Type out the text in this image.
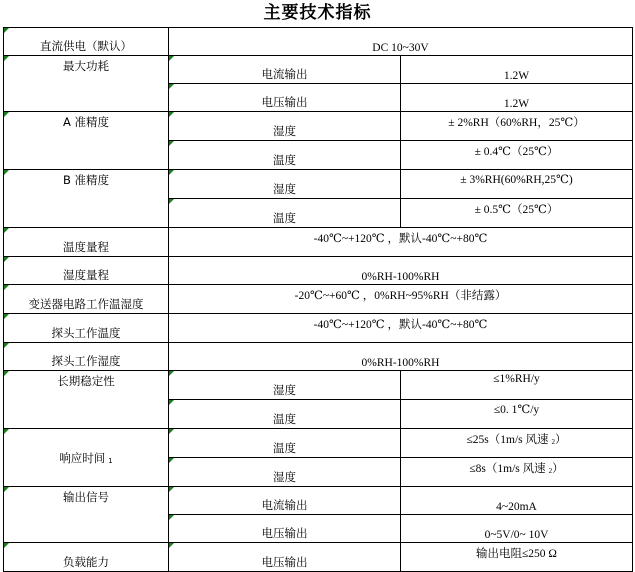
主要技术指标
直流供电（默认）	DC 10~30V	

最大功耗	电流输出	1.2W

电压输出	1.2W

A 准精度	湿度	± 2%RH（60%RH，25℃）

温度	± 0.4℃（25℃）

B 准精度	湿度	± 3%RH(60%RH,25℃)

温度	± 0.5℃（25℃）

温度量程	-40℃~+120℃ ，默认-40℃~+80℃	

湿度量程	0%RH-100%RH	

变送器电路工作温湿度	-20℃~+60℃ ，0%RH~95%RH（非结露）	

探头工作温度	-40℃~+120℃ ，默认-40℃~+80℃	

探头工作湿度	0%RH-100%RH	

长期稳定性	湿度	≤1%RH/y

温度	≤0. 1℃/y

响应时间 1	温度	≤25s（1m/s 风速 2）

湿度	≤8s（1m/s 风速 2）

输出信号	电流输出	4~20mA

电压输出	0~5V/0~ 10V

负载能力	电压输出	输出电阻≤250 Ω
